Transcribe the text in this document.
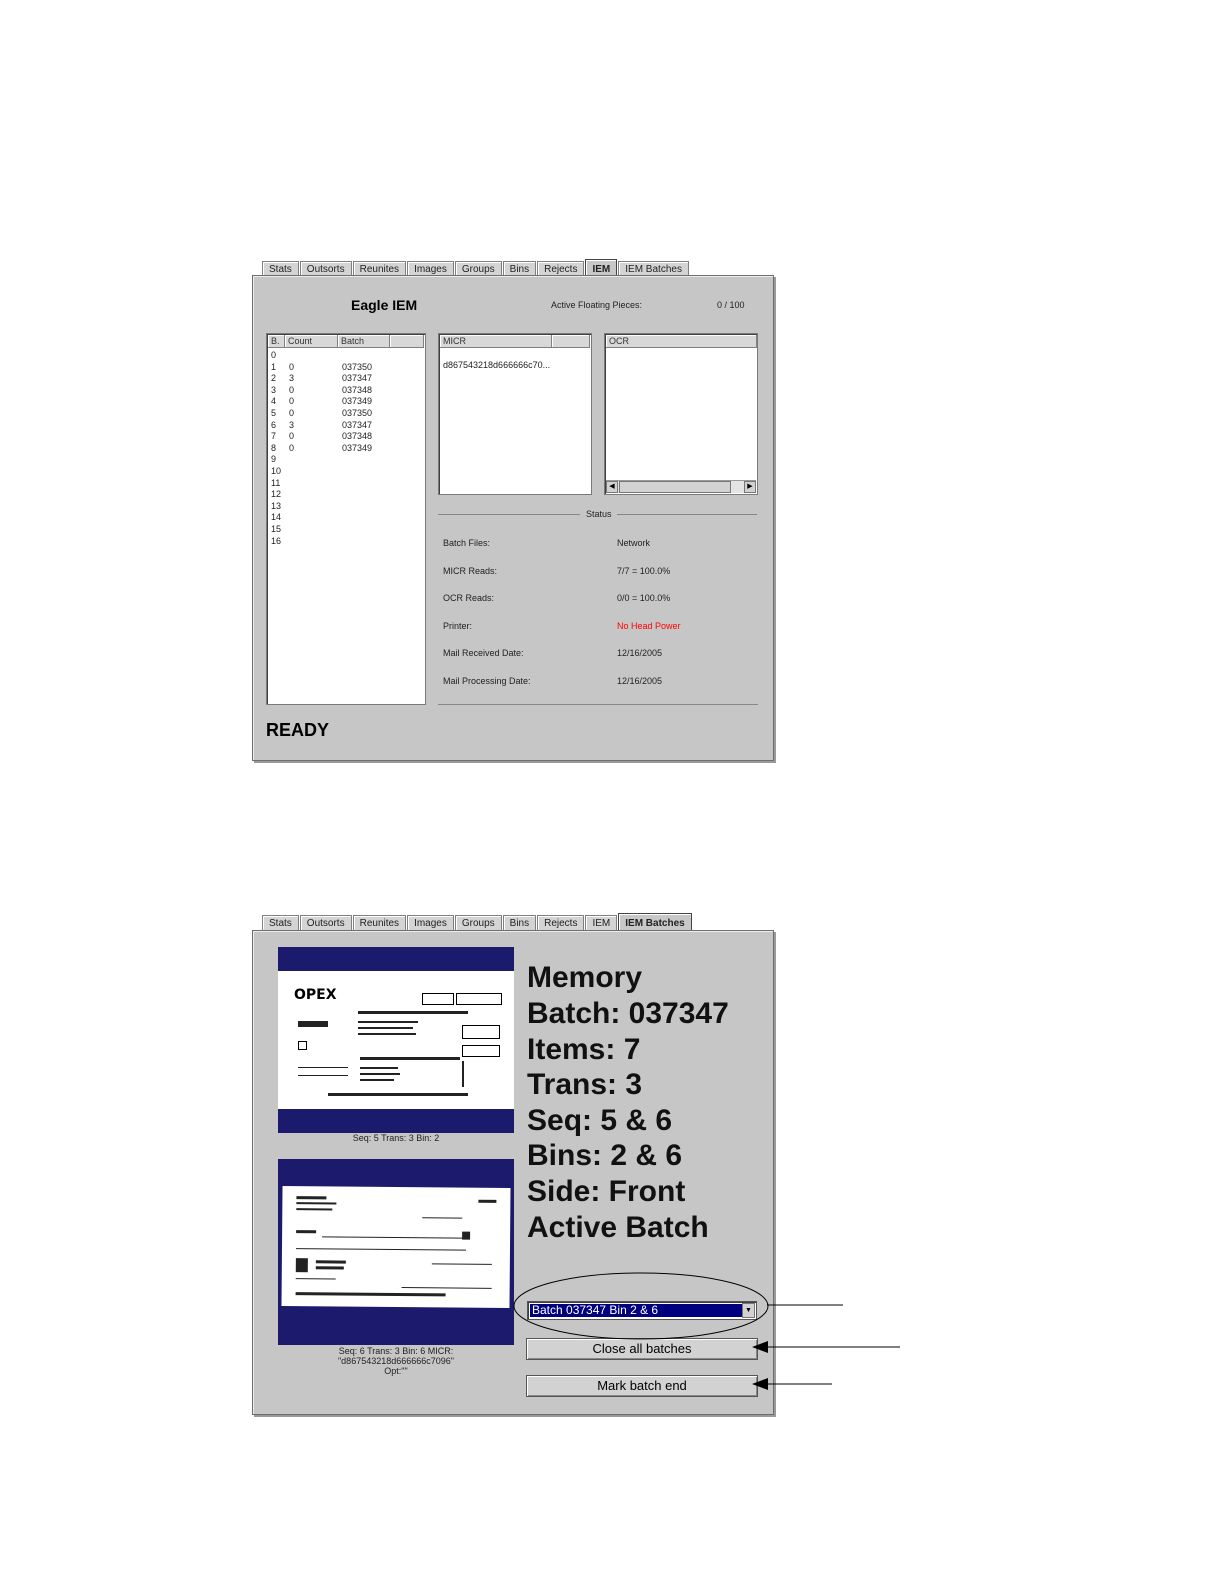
Stats	Outsorts	Reunites	Images	Groups	Bins	Rejects	IEM	IEM Batches
Eagle IEM	Active Floating Pieces:	0 / 100
B. Count	Batch
0
1 0	037350
2 3	037347
3 0	037348
4 0	037349
5 0	037350
6 3	037347
7 0	037348
8 0	037349
9
10
11
12
13
14
15
16
MICR
d867543218d666666c70...
OCR
◀	▶
Status
Batch Files:	Network
MICR Reads:	7/7 = 100.0%
OCR Reads:	0/0 = 100.0%
Printer:	No Head Power
Mail Received Date:	12/16/2005
Mail Processing Date:	12/16/2005
READY
Stats	Outsorts	Reunites	Images	Groups	Bins	Rejects	IEM	IEM Batches
OPEX
Seq: 5 Trans: 3 Bin: 2
Seq: 6 Trans: 3 Bin: 6 MICR:
"d867543218d666666c7096"
Opt:""
Memory
Batch: 037347
Items: 7
Trans: 3
Seq: 5 & 6
Bins: 2 & 6
Side: Front
Active Batch
Batch 037347 Bin 2 & 6	▼
Close all batches
Mark batch end
